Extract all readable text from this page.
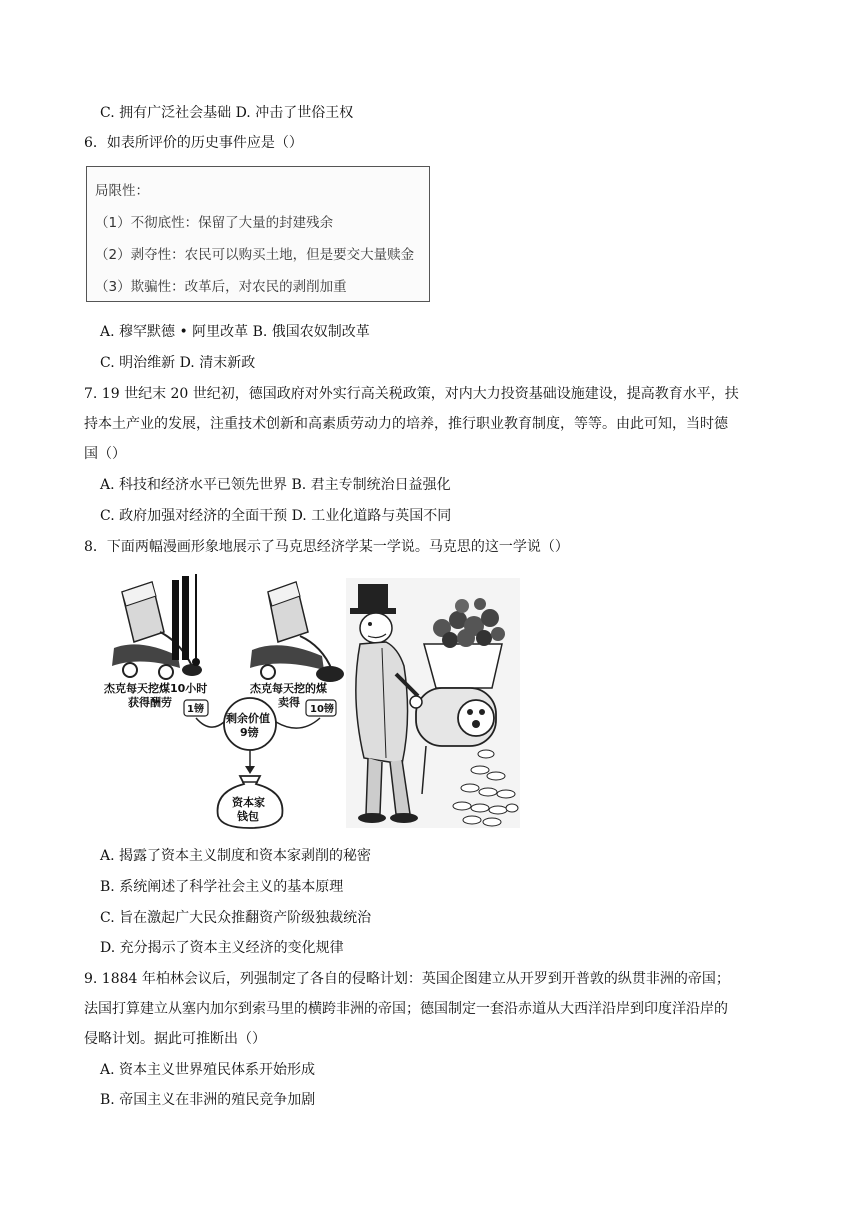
C. 拥有广泛社会基础 D. 冲击了世俗王权
6．如表所评价的历史事件应是（）
局限性：
（1）不彻底性：保留了大量的封建残余
（2）剥夺性：农民可以购买土地，但是要交大量赎金
（3）欺骗性：改革后，对农民的剥削加重
A. 穆罕默德 • 阿里改革 B. 俄国农奴制改革
C. 明治维新 D. 清末新政
7. 19 世纪末 20 世纪初，德国政府对外实行高关税政策，对内大力投资基础设施建设，提高教育水平，扶
持本土产业的发展，注重技术创新和高素质劳动力的培养，推行职业教育制度，等等。由此可知，当时德
国（）
A. 科技和经济水平已领先世界 B. 君主专制统治日益强化
C. 政府加强对经济的全面干预 D. 工业化道路与英国不同
8．下面两幅漫画形象地展示了马克思经济学某一学说。马克思的这一学说（）
杰克每天挖煤10小时
获得酬劳
杰克每天挖的煤
卖得
1镑	10镑
剩余价值
9镑
资本家
钱包
A. 揭露了资本主义制度和资本家剥削的秘密
B. 系统阐述了科学社会主义的基本原理
C. 旨在激起广大民众推翻资产阶级独裁统治
D. 充分揭示了资本主义经济的变化规律
9. 1884 年柏林会议后，列强制定了各自的侵略计划：英国企图建立从开罗到开普敦的纵贯非洲的帝国；
法国打算建立从塞内加尔到索马里的横跨非洲的帝国；德国制定一套沿赤道从大西洋沿岸到印度洋沿岸的
侵略计划。据此可推断出（）
A. 资本主义世界殖民体系开始形成
B. 帝国主义在非洲的殖民竞争加剧
